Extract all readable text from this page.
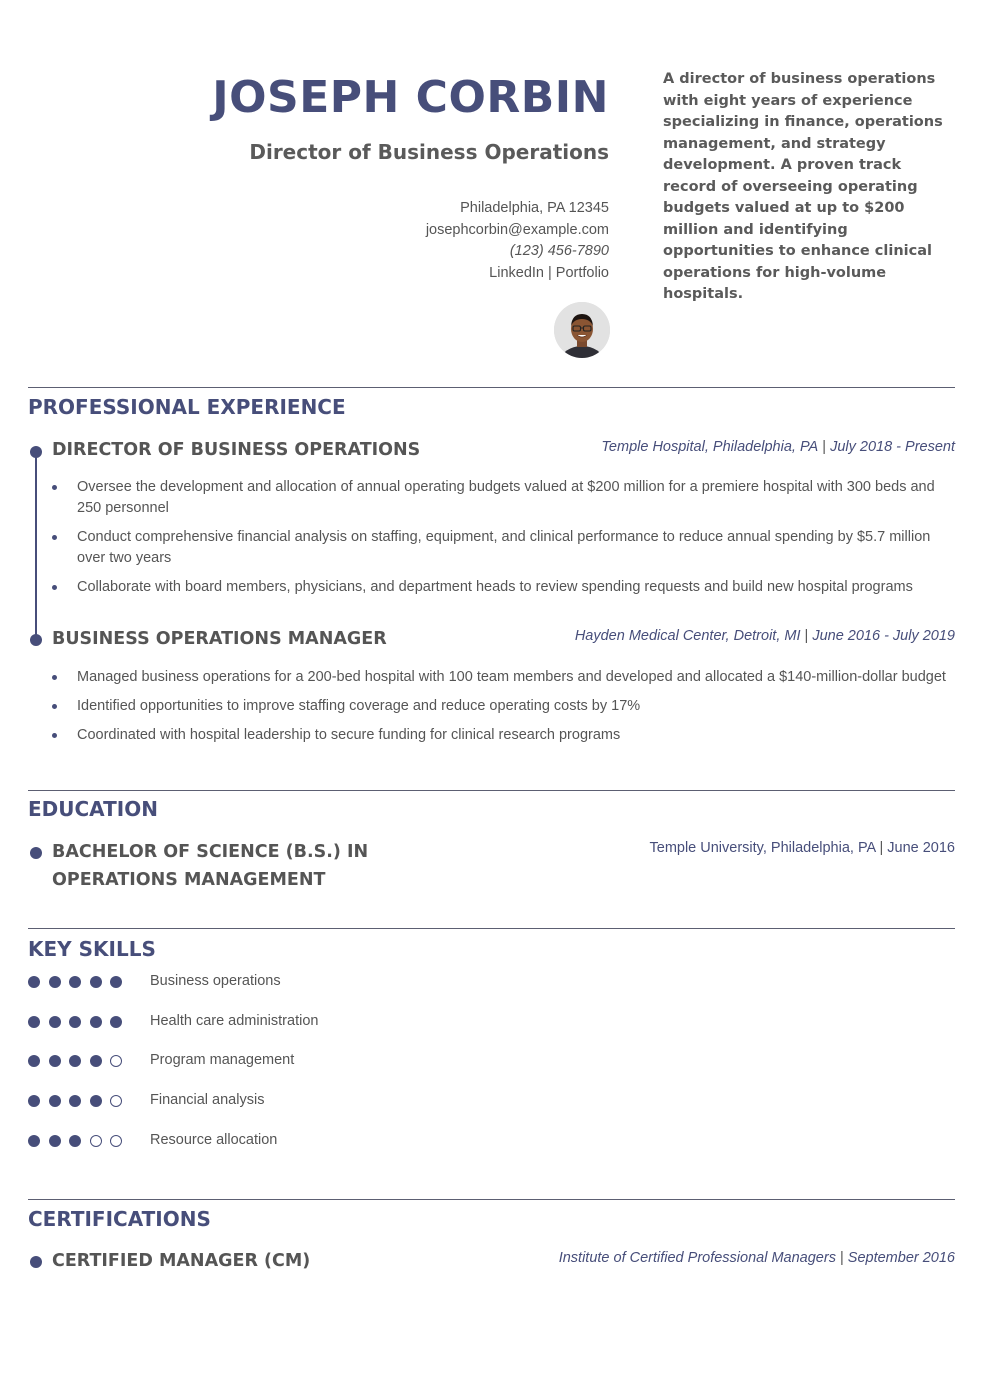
JOSEPH CORBIN
Director of Business Operations
Philadelphia, PA 12345
josephcorbin@example.com
(123) 456-7890
LinkedIn | Portfolio

A director of business operations with eight years of experience specializing in finance, operations management, and strategy development. A proven track record of overseeing operating budgets valued at up to $200 million and identifying opportunities to enhance clinical operations for high-volume hospitals.

PROFESSIONAL EXPERIENCE
DIRECTOR OF BUSINESS OPERATIONS	Temple Hospital, Philadelphia, PA | July 2018 - Present
Oversee the development and allocation of annual operating budgets valued at $200 million for a premiere hospital with 300 beds and 250 personnel
Conduct comprehensive financial analysis on staffing, equipment, and clinical performance to reduce annual spending by $5.7 million over two years
Collaborate with board members, physicians, and department heads to review spending requests and build new hospital programs
BUSINESS OPERATIONS MANAGER	Hayden Medical Center, Detroit, MI | June 2016 - July 2019
Managed business operations for a 200-bed hospital with 100 team members and developed and allocated a $140-million-dollar budget
Identified opportunities to improve staffing coverage and reduce operating costs by 17%
Coordinated with hospital leadership to secure funding for clinical research programs
EDUCATION
BACHELOR OF SCIENCE (B.S.) IN
OPERATIONS MANAGEMENT
Temple University, Philadelphia, PA | June 2016
KEY SKILLS
Business operations
Health care administration
Program management
Financial analysis
Resource allocation
CERTIFICATIONS
CERTIFIED MANAGER (CM)	Institute of Certified Professional Managers | September 2016
